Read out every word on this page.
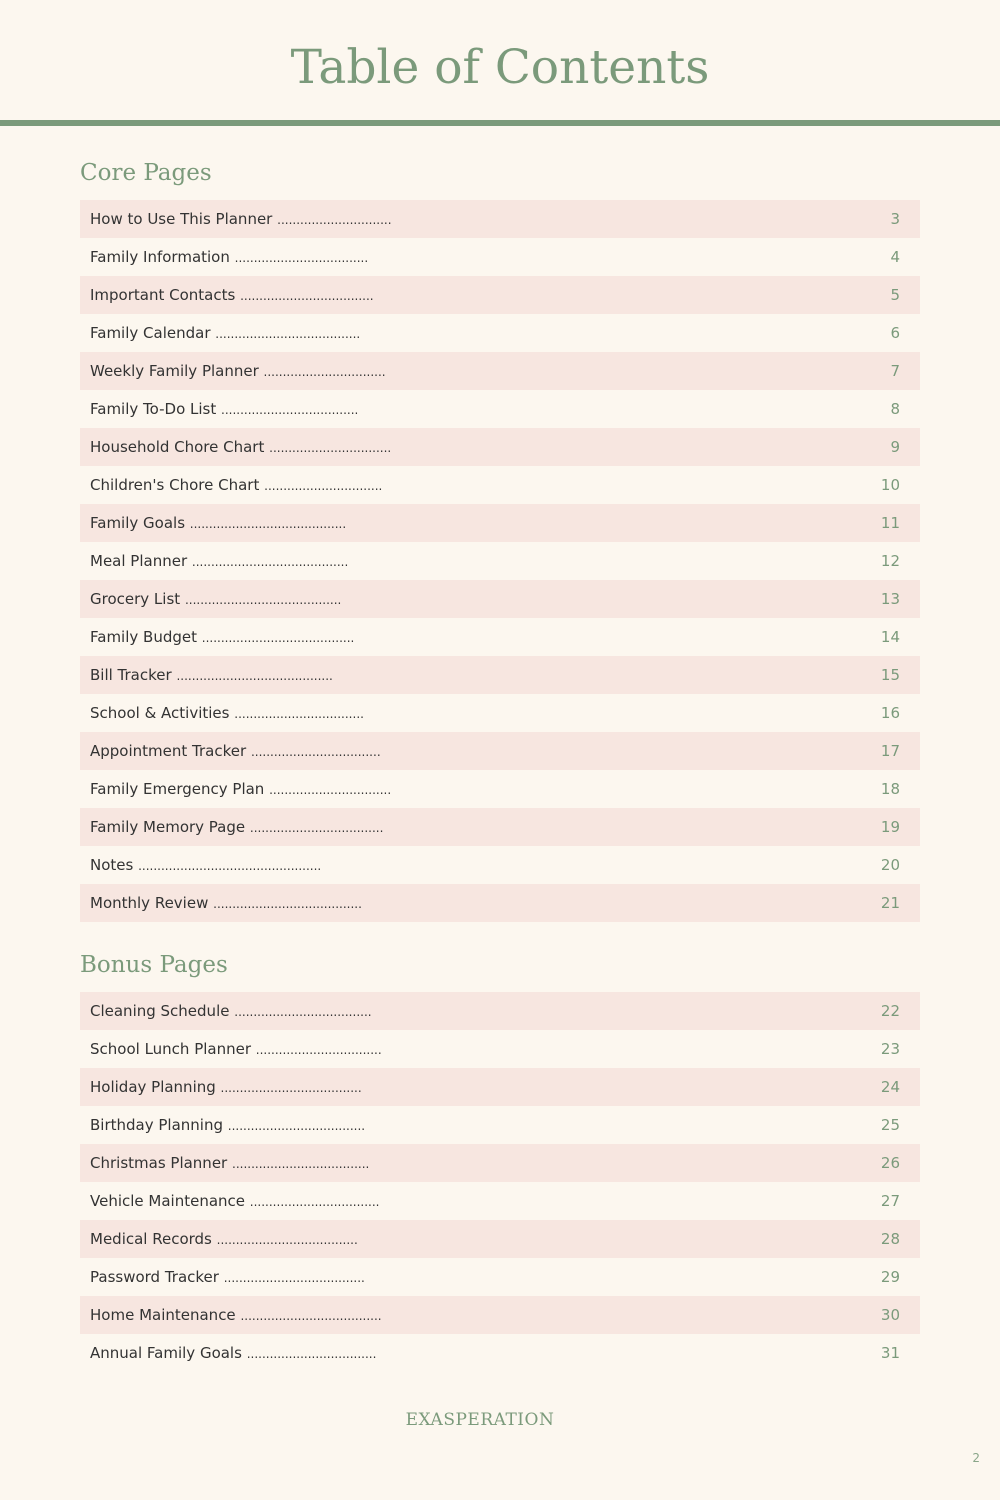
Table of Contents
Core Pages
How to Use This Planner ..............................	3
Family Information ...................................	4
Important Contacts ...................................	5
Family Calendar ......................................	6
Weekly Family Planner ................................	7
Family To-Do List ....................................	8
Household Chore Chart ................................	9
Children's Chore Chart ...............................	10
Family Goals .........................................	11
Meal Planner .........................................	12
Grocery List .........................................	13
Family Budget ........................................	14
Bill Tracker .........................................	15
School & Activities ..................................	16
Appointment Tracker ..................................	17
Family Emergency Plan ................................	18
Family Memory Page ...................................	19
Notes ................................................	20
Monthly Review .......................................	21
Bonus Pages
Cleaning Schedule ....................................	22
School Lunch Planner .................................	23
Holiday Planning .....................................	24
Birthday Planning ....................................	25
Christmas Planner ....................................	26
Vehicle Maintenance ..................................	27
Medical Records .....................................	28
Password Tracker .....................................	29
Home Maintenance .....................................	30
Annual Family Goals ..................................	31
EXASPERATION
2
